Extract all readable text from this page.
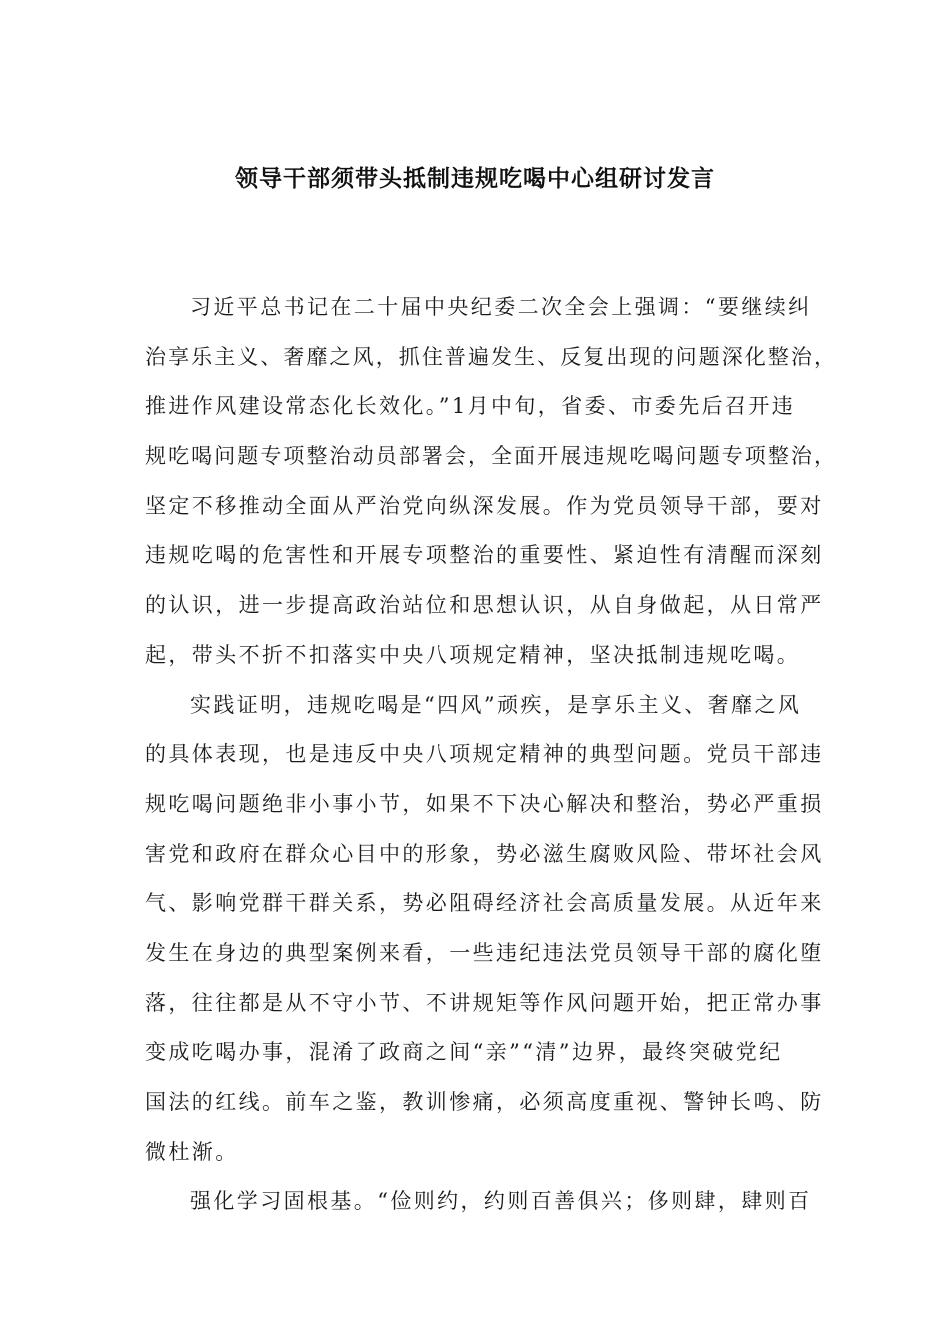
领导干部须带头抵制违规吃喝中心组研讨发言
习近平总书记在二十届中央纪委二次全会上强调：“要继续纠
治享乐主义、奢靡之风，抓住普遍发生、反复出现的问题深化整治，
推进作风建设常态化长效化。”1月中旬，省委、市委先后召开违
规吃喝问题专项整治动员部署会，全面开展违规吃喝问题专项整治，
坚定不移推动全面从严治党向纵深发展。作为党员领导干部，要对
违规吃喝的危害性和开展专项整治的重要性、紧迫性有清醒而深刻
的认识，进一步提高政治站位和思想认识，从自身做起，从日常严
起，带头不折不扣落实中央八项规定精神，坚决抵制违规吃喝。
实践证明，违规吃喝是“四风”顽疾，是享乐主义、奢靡之风
的具体表现，也是违反中央八项规定精神的典型问题。党员干部违
规吃喝问题绝非小事小节，如果不下决心解决和整治，势必严重损
害党和政府在群众心目中的形象，势必滋生腐败风险、带坏社会风
气、影响党群干群关系，势必阻碍经济社会高质量发展。从近年来
发生在身边的典型案例来看，一些违纪违法党员领导干部的腐化堕
落，往往都是从不守小节、不讲规矩等作风问题开始，把正常办事
变成吃喝办事，混淆了政商之间“亲”“清”边界，最终突破党纪
国法的红线。前车之鉴，教训惨痛，必须高度重视、警钟长鸣、防
微杜渐。
强化学习固根基。“俭则约，约则百善俱兴；侈则肆，肆则百
